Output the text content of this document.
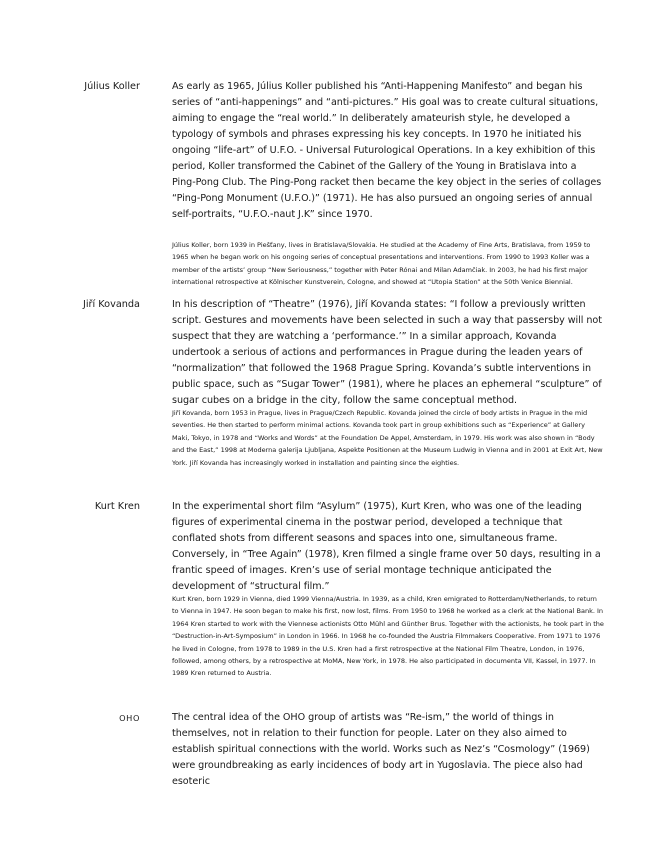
Július Koller	As early as 1965, Július Koller published his “Anti-Happening Manifesto” and began his series of “anti-happenings” and “anti-pictures.” His goal was to create cultural situations, aiming to engage the “real world.” In deliberately amateurish style, he developed a typology of symbols and phrases expressing his key concepts. In 1970 he initiated his ongoing “life-art” of U.F.O. - Universal Futurological Operations. In a key exhibition of this period, Koller transformed the Cabinet of the Gallery of the Young in Bratislava into a Ping-Pong Club. The Ping-Pong racket then became the key object in the series of collages “Ping-Pong Monument (U.F.O.)” (1971). He has also pursued an ongoing series of annual self-portraits, “U.F.O.-naut J.K” since 1970.
Július Koller, born 1939 in Piešťany, lives in Bratislava/Slovakia. He studied at the Academy of Fine Arts, Bratislava, from 1959 to 1965 when he began work on his ongoing series of conceptual presentations and interventions. From 1990 to 1993 Koller was a member of the artists’ group “New Seriousness,” together with Peter Rónai and Milan Adamčiak. In 2003, he had his first major international retrospective at Kölnischer Kunstverein, Cologne, and showed at “Utopia Station” at the 50th Venice Biennial.
Jiří Kovanda	In his description of “Theatre” (1976), Jiří Kovanda states: “I follow a previously written script. Gestures and movements have been selected in such a way that passersby will not suspect that they are watching a ‘performance.’” In a similar approach, Kovanda undertook a serious of actions and performances in Prague during the leaden years of “normalization” that followed the 1968 Prague Spring. Kovanda’s subtle interventions in public space, such as “Sugar Tower” (1981), where he places an ephemeral “sculpture” of sugar cubes on a bridge in the city, follow the same conceptual method.
Jiří Kovanda, born 1953 in Prague, lives in Prague/Czech Republic. Kovanda joined the circle of body artists in Prague in the mid seventies. He then started to perform minimal actions. Kovanda took part in group exhibitions such as “Experience” at Gallery Maki, Tokyo, in 1978 and “Works and Words” at the Foundation De Appel, Amsterdam, in 1979. His work was also shown in “Body and the East,” 1998 at Moderna galerija Ljubljana, Aspekte Positionen at the Museum Ludwig in Vienna and in 2001 at Exit Art, New York. Jiří Kovanda has increasingly worked in installation and painting since the eighties.
Kurt Kren	In the experimental short film “Asylum” (1975), Kurt Kren, who was one of the leading figures of experimental cinema in the postwar period, developed a technique that conflated shots from different seasons and spaces into one, simultaneous frame. Conversely, in “Tree Again” (1978), Kren filmed a single frame over 50 days, resulting in a frantic speed of images. Kren’s use of serial montage technique anticipated the development of “structural film.”
Kurt Kren, born 1929 in Vienna, died 1999 Vienna/Austria. In 1939, as a child, Kren emigrated to Rotterdam/Netherlands, to return to Vienna in 1947. He soon began to make his first, now lost, films. From 1950 to 1968 he worked as a clerk at the National Bank. In 1964 Kren started to work with the Viennese actionists Otto Mühl and Günther Brus. Together with the actionists, he took part in the “Destruction-in-Art-Symposium” in London in 1966. In 1968 he co-founded the Austria Filmmakers Cooperative. From 1971 to 1976 he lived in Cologne, from 1978 to 1989 in the U.S. Kren had a first retrospective at the National Film Theatre, London, in 1976, followed, among others, by a retrospective at MoMA, New York, in 1978. He also participated in documenta VII, Kassel, in 1977. In 1989 Kren returned to Austria.
OHO	The central idea of the OHO group of artists was “Re-ism,” the world of things in themselves, not in relation to their function for people. Later on they also aimed to establish spiritual connections with the world. Works such as Nez’s “Cosmology” (1969) were groundbreaking as early incidences of body art in Yugoslavia. The piece also had esoteric
